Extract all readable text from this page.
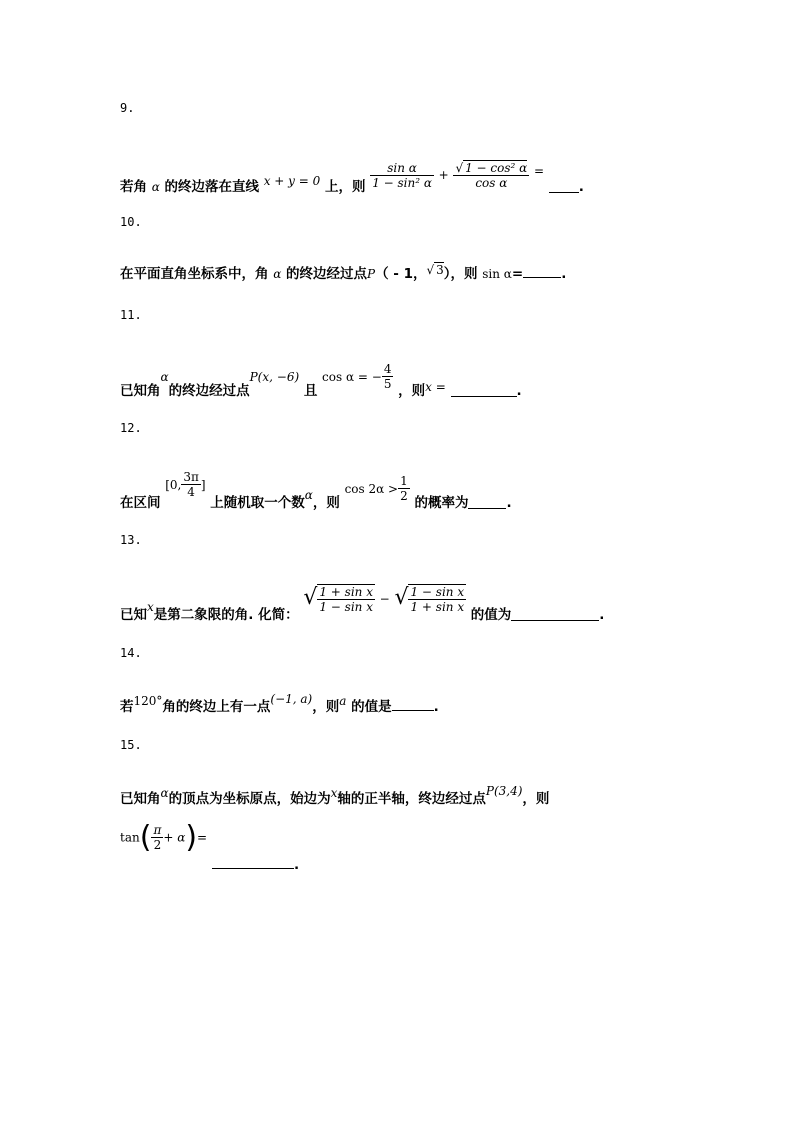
9.
若角 α 的终边落在直线 x + y = 0 上，则 $\frac{\text{sin α}}{\text{1 − sin² α}} + \frac{\text{√ 1 − cos² α}}{\text{cos α}}$ = .
10.
在平面直角坐标系中，角 α 的终边经过点P（ - 1，√ 3），则 sin α=	.
11.
已知角α的终边经过点P(x, −6) 且 cos α = − $\frac{4}{5}$ ，则x =	.
12.
在区间 [0, $\frac{3\pi}{4}$ ] 上随机取一个数α，则 $\cos 2\alpha > \frac{1}{2}$ 的概率为	.
13.
已知x是第二象限的角. 化简： √ $\frac{\text{1 + sin x}}{\text{1 − sin x}}$ − √ $\frac{\text{1 − sin x}}{\text{1 + sin x}}$
的值为	.
14.
若120°角的终边上有一点(−1, a)，则a 的值是	.
15.
已知角α的顶点为坐标原点，始边为x轴的正半轴，终边经过点P(3,4)，则
$\tan( \frac{\pi}{2} + \alpha)=$
.
